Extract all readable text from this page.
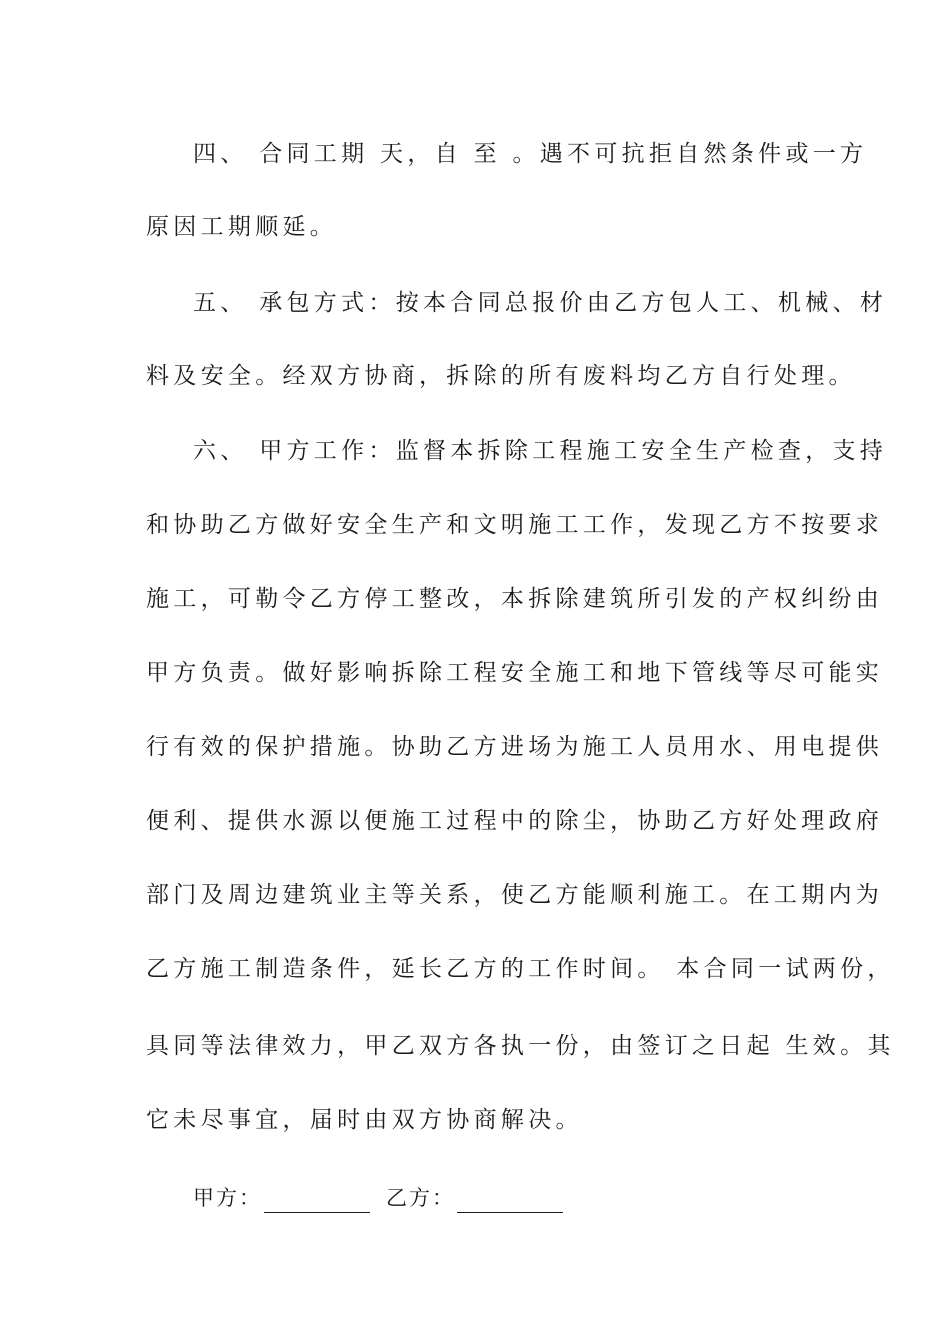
四、 合同工期 天，自 至 。遇不可抗拒自然条件或一方
原因工期顺延。
五、 承包方式：按本合同总报价由乙方包人工、机械、材
料及安全。经双方协商，拆除的所有废料均乙方自行处理。
六、 甲方工作：监督本拆除工程施工安全生产检查，支持
和协助乙方做好安全生产和文明施工工作，发现乙方不按要求
施工，可勒令乙方停工整改，本拆除建筑所引发的产权纠纷由
甲方负责。做好影响拆除工程安全施工和地下管线等尽可能实
行有效的保护措施。协助乙方进场为施工人员用水、用电提供
便利、提供水源以便施工过程中的除尘，协助乙方好处理政府
部门及周边建筑业主等关系，使乙方能顺利施工。在工期内为
乙方施工制造条件，延长乙方的工作时间。 本合同一试两份，
具同等法律效力，甲乙双方各执一份，由签订之日起 生效。其
它未尽事宜，届时由双方协商解决。
甲方：	乙方：
